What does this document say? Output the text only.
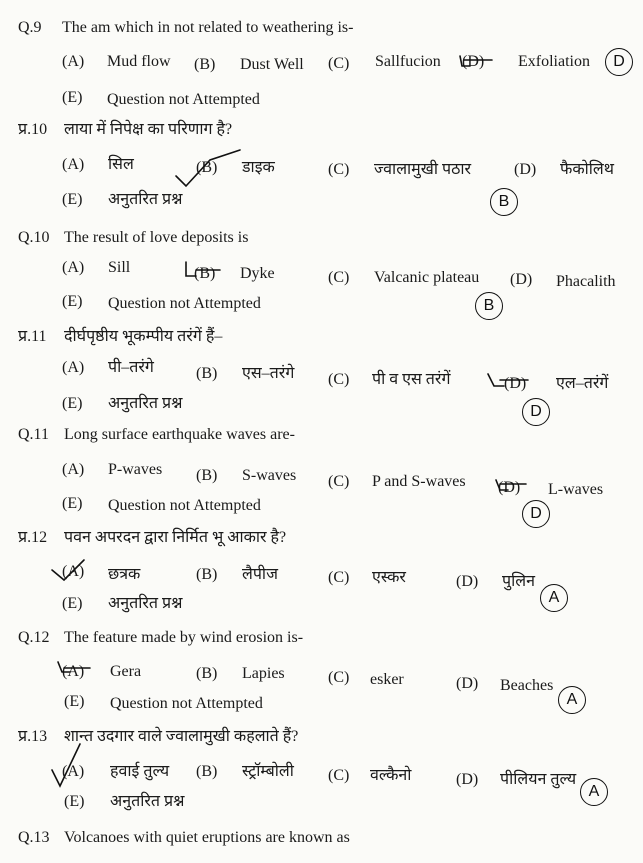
Q.9 The am which in not related to weathering is-
(A) Mud flow (B) Dust Well (C) Sallfucion (D) Exfoliation
(E) Question not Attempted
D
प्र.10 लाया में निपेक्ष का परिणाग है?
(A) सिल	(B) डाइक	(C) ज्वालामुखी पठार	(D) फैकोलिथ
(E) अनुतरित प्रश्न	B
Q.10 The result of love deposits is
(A) Sill	(B) Dyke	(C) Valcanic plateau (D) Phacalith
(E) Question not Attempted	B
प्र.11 दीर्घपृष्ठीय भूकम्पीय तरंगें हैं–
(A) पी–तरंगे	(B) एस–तरंगे (C) पी व एस तरंगें	(D) एल–तरंगें
(E) अनुतरित प्रश्न	D
Q.11 Long surface earthquake waves are-
(A) P-waves (B) S-waves (C) P and S-waves (D) L-waves
(E) Question not Attempted	D
प्र.12 पवन अपरदन द्वारा निर्मित भू आकार है?
(A) छत्रक	(B) लैपीज	(C) एस्कर	(D) पुलिन
(E) अनुतरित प्रश्न	A
Q.12 The feature made by wind erosion is-
(A) Gera	(B) Lapies	(C) esker	(D) Beaches
(E) Question not Attempted	A
प्र.13 शान्त उदगार वाले ज्वालामुखी कहलाते हैं?
(A) हवाई तुल्य (B) स्ट्रॉम्बोली (C) वल्कैनो	(D) पीलियन तुल्य
(E) अनुतरित प्रश्न
A
Q.13 Volcanoes with quiet eruptions are known as
